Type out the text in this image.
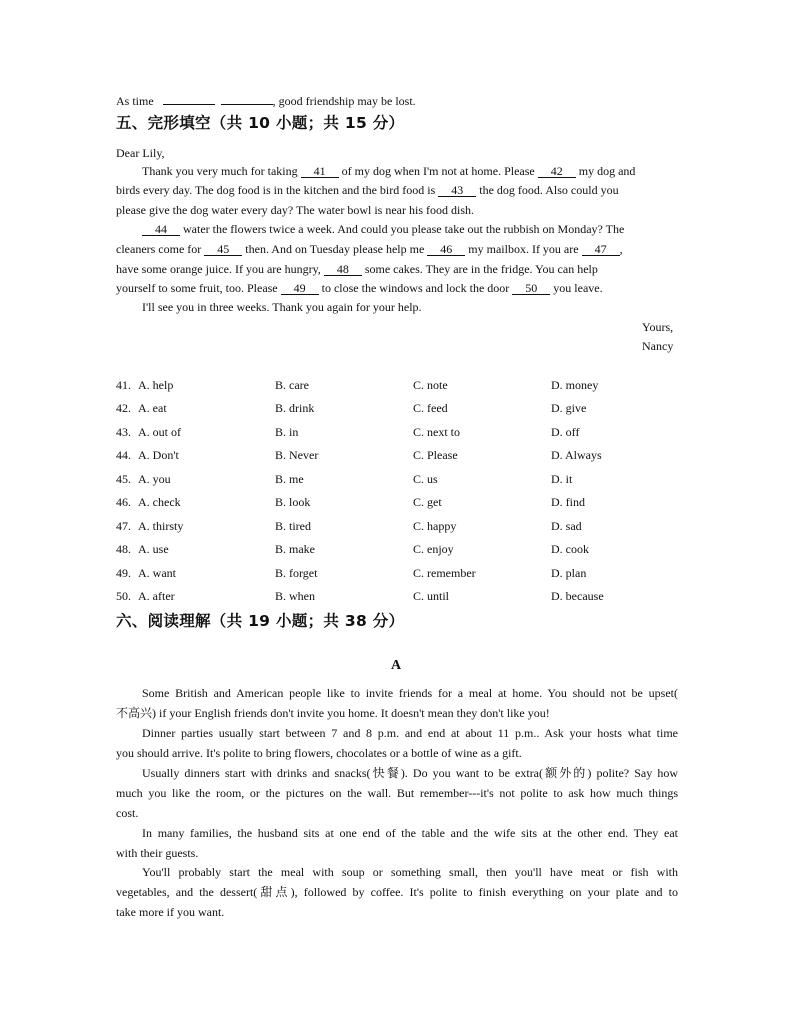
As time	, good friendship may be lost.
五、完形填空（共 10 小题；共 15 分）
Dear Lily,
Thank you very much for taking 41 of my dog when I'm not at home. Please 42 my dog and
birds every day. The dog food is in the kitchen and the bird food is 43 the dog food. Also could you
please give the dog water every day? The water bowl is near his food dish.
44 water the flowers twice a week. And could you please take out the rubbish on Monday? The
cleaners come for 45 then. And on Tuesday please help me 46 my mailbox. If you are 47 ,
have some orange juice. If you are hungry, 48 some cakes. They are in the fridge. You can help
yourself to some fruit, too. Please 49 to close the windows and lock the door 50 you leave.
I'll see you in three weeks. Thank you again for your help.
Yours,
Nancy
41. A. help	B. care	C. note	D. money
42. A. eat	B. drink	C. feed	D. give
43. A. out of	B. in	C. next to	D. off
44. A. Don't	B. Never	C. Please	D. Always
45. A. you	B. me	C. us	D. it
46. A. check	B. look	C. get	D. find
47. A. thirsty	B. tired	C. happy	D. sad
48. A. use	B. make	C. enjoy	D. cook
49. A. want	B. forget	C. remember	D. plan
50. A. after	B. when	C. until	D. because
六、阅读理解（共 19 小题；共 38 分）
A
Some British and American people like to invite friends for a meal at home. You should not be upset(
不高兴) if your English friends don't invite you home. It doesn't mean they don't like you!
Dinner parties usually start between 7 and 8 p.m. and end at about 11 p.m.. Ask your hosts what time
you should arrive. It's polite to bring flowers, chocolates or a bottle of wine as a gift.
Usually dinners start with drinks and snacks(快餐). Do you want to be extra(额外的) polite? Say how
much you like the room, or the pictures on the wall. But remember---it's not polite to ask how much things
cost.
In many families, the husband sits at one end of the table and the wife sits at the other end. They eat
with their guests.
You'll probably start the meal with soup or something small, then you'll have meat or fish with
vegetables, and the dessert(甜点), followed by coffee. It's polite to finish everything on your plate and to
take more if you want.
